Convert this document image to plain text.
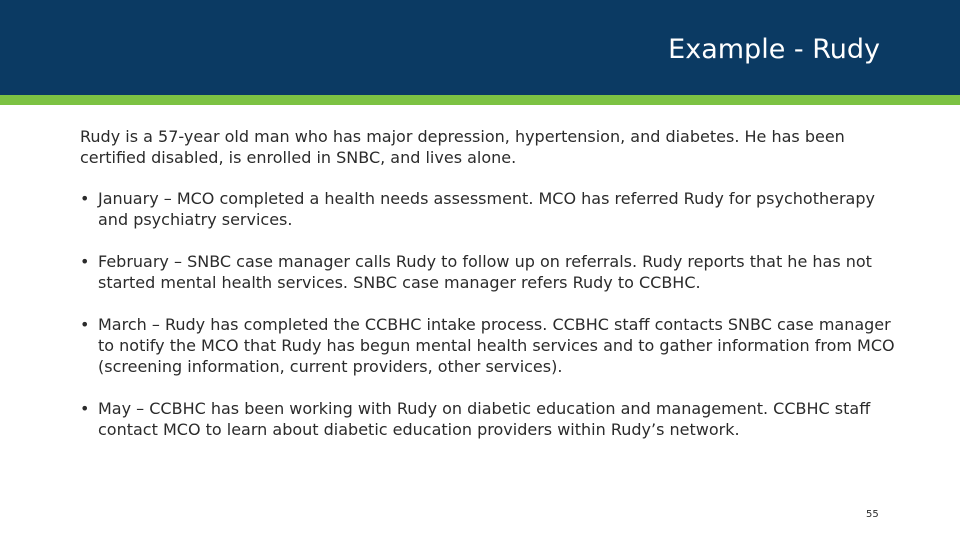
Example - Rudy
Rudy is a 57-year old man who has major depression, hypertension, and diabetes. He has been certified disabled, is enrolled in SNBC, and lives alone.
• January – MCO completed a health needs assessment. MCO has referred Rudy for psychotherapy and psychiatry services.
• February – SNBC case manager calls Rudy to follow up on referrals. Rudy reports that he has not started mental health services. SNBC case manager refers Rudy to CCBHC.
• March – Rudy has completed the CCBHC intake process. CCBHC staff contacts SNBC case manager to notify the MCO that Rudy has begun mental health services and to gather information from MCO (screening information, current providers, other services).
• May – CCBHC has been working with Rudy on diabetic education and management. CCBHC staff contact MCO to learn about diabetic education providers within Rudy’s network.
55
